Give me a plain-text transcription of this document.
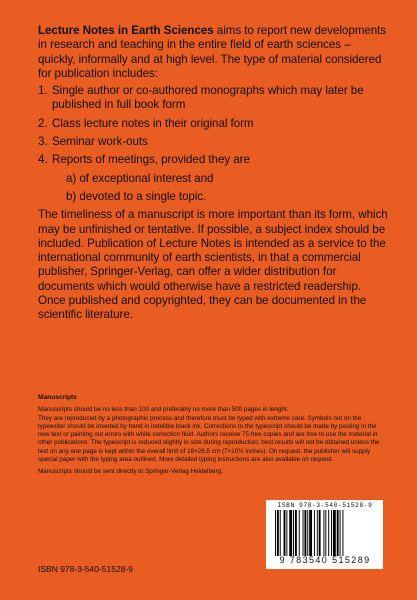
Lecture Notes in Earth Sciences aims to report new developments in research and teaching in the entire field of earth sciences – quickly, informally and at high level. The type of material considered for publication includes:

1. Single author or co-authored monographs which may later be published in full book form
2. Class lecture notes in their original form
3. Seminar work-outs
4. Reports of meetings, provided they are
a) of exceptional interest and
b) devoted to a single topic.

The timeliness of a manuscript is more important than its form, which may be unfinished or tentative. If possible, a subject index should be included. Publication of Lecture Notes is intended as a service to the international community of earth scientists, in that a commercial publisher, Springer-Verlag, can offer a wider distribution for documents which would otherwise have a restricted readership. Once published and copyrighted, they can be documented in the scientific literature.

Manuscripts

Manuscripts should be no less than 100 and preferably no more than 500 pages in lenght.

They are reproduced by a photographic process and therefore must be typed with extreme care. Symbols not on the typewriter should be inserted by hand in indelible black ink. Corrections to the typescript should be made by pasting in the new text or painting out errors with white correction fluid. Authors receive 75 free copies and are free to use the material in other publications. The typescript is reduced slightly in size during reproduction; best results will not be obtained unless the text on any one page is kept within the overall limit of 18×26.5 cm (7×10½ inches). On request, the publisher will supply special paper with the typing area outlined. More detailed typing instructions are also available on request.

Manuscripts should be sent directly to Springer-Verlag Heidelberg.

ISBN 978-3-540-51528-9
9 783540 515289
ISBN 978-3-540-51528-9
